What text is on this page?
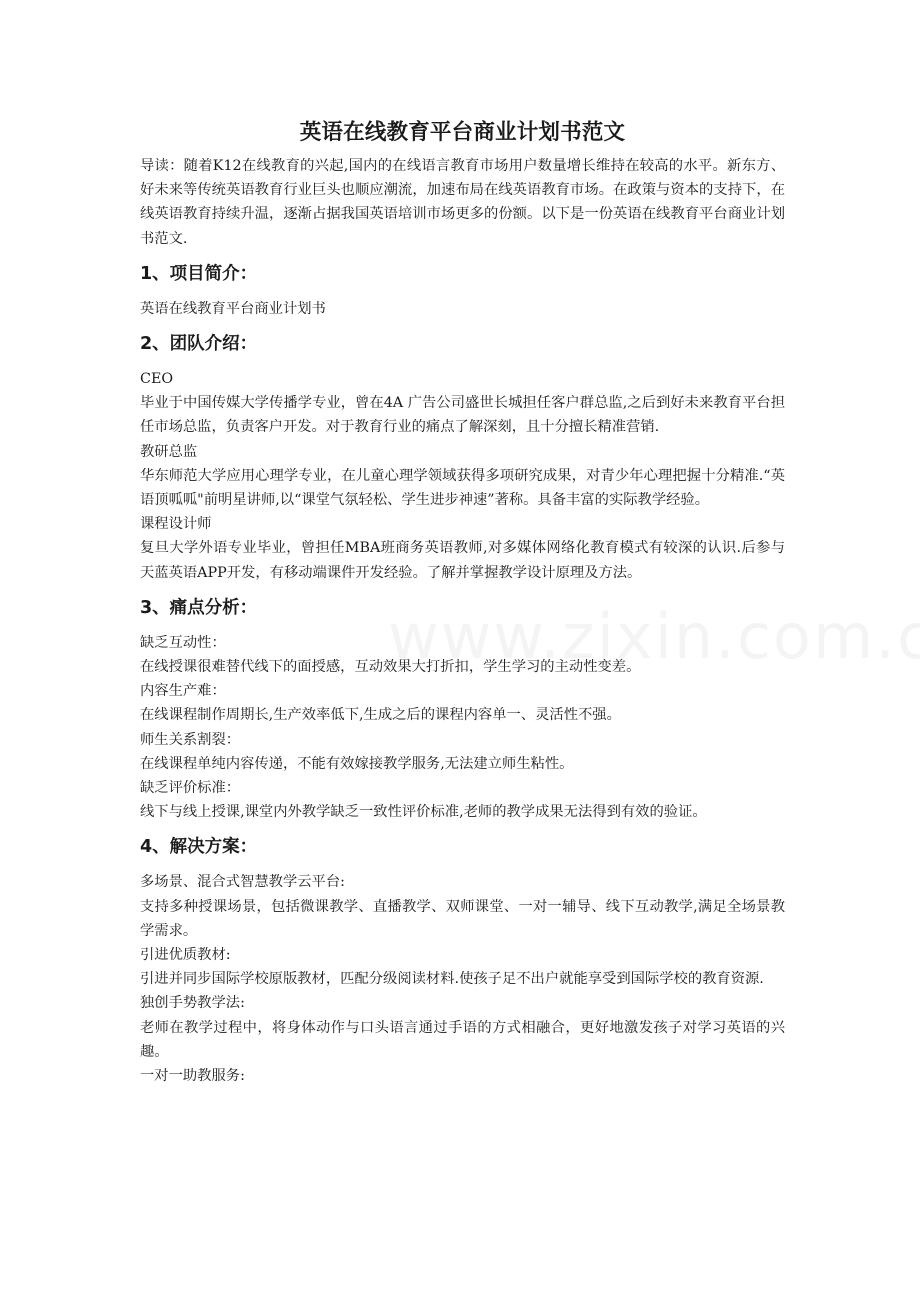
英语在线教育平台商业计划书范文

导读：随着K12在线教育的兴起,国内的在线语言教育市场用户数量增长维持在较高的水平。新东方、好未来等传统英语教育行业巨头也顺应潮流，加速布局在线英语教育市场。在政策与资本的支持下，在线英语教育持续升温，逐渐占据我国英语培训市场更多的份额。以下是一份英语在线教育平台商业计划书范文.

1、项目简介：

英语在线教育平台商业计划书

2、团队介绍：

CEO

毕业于中国传媒大学传播学专业，曾在4A 广告公司盛世长城担任客户群总监,之后到好未来教育平台担任市场总监，负责客户开发。对于教育行业的痛点了解深刻，且十分擅长精准营销.

教研总监

华东师范大学应用心理学专业，在儿童心理学领域获得多项研究成果，对青少年心理把握十分精准.“英语顶呱呱"前明星讲师,以“课堂气氛轻松、学生进步神速”著称。具备丰富的实际教学经验。

课程设计师

复旦大学外语专业毕业，曾担任MBA班商务英语教师,对多媒体网络化教育模式有较深的认识.后参与天蓝英语APP开发，有移动端课件开发经验。了解并掌握教学设计原理及方法。

3、痛点分析：

缺乏互动性：

在线授课很难替代线下的面授感，互动效果大打折扣，学生学习的主动性变差。

内容生产难：

在线课程制作周期长,生产效率低下,生成之后的课程内容单一、灵活性不强。

师生关系割裂：

在线课程单纯内容传递，不能有效嫁接教学服务,无法建立师生粘性。

缺乏评价标准：

线下与线上授课,课堂内外教学缺乏一致性评价标准,老师的教学成果无法得到有效的验证。

4、解决方案：

多场景、混合式智慧教学云平台:

支持多种授课场景，包括微课教学、直播教学、双师课堂、一对一辅导、线下互动教学,满足全场景教学需求。

引进优质教材:

引进并同步国际学校原版教材，匹配分级阅读材料.使孩子足不出户就能享受到国际学校的教育资源.

独创手势教学法:

老师在教学过程中，将身体动作与口头语言通过手语的方式相融合，更好地激发孩子对学习英语的兴趣。

一对一助教服务:
